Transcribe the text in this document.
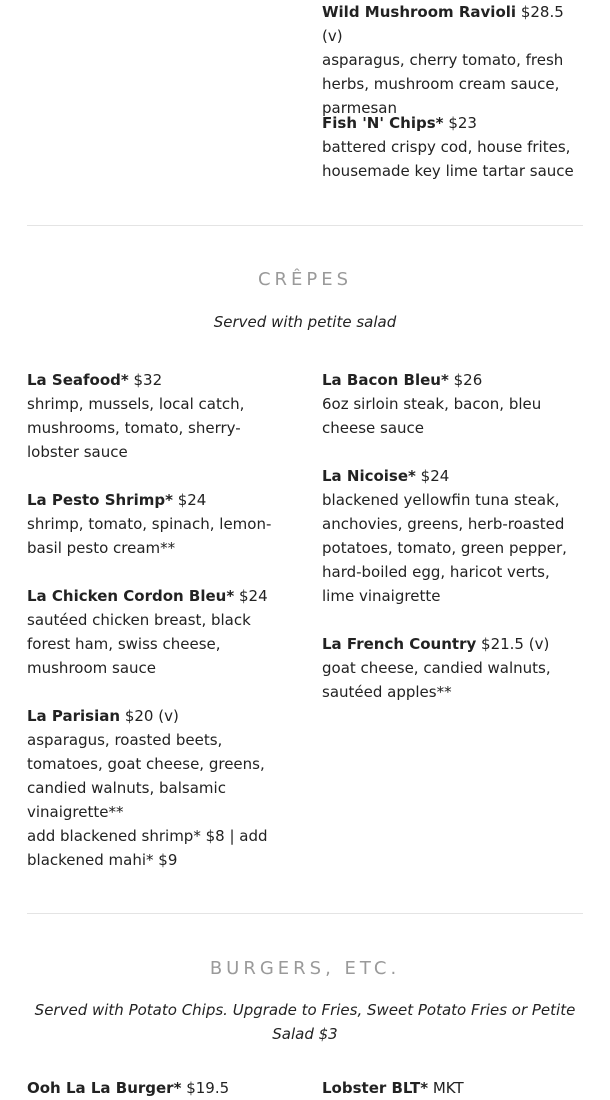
Wild Mushroom Ravioli $28.5 (v)
asparagus, cherry tomato, fresh herbs, mushroom cream sauce, parmesan
Fish 'N' Chips* $23
battered crispy cod, house frites, housemade key lime tartar sauce
CRÊPES
Served with petite salad
La Seafood* $32
shrimp, mussels, local catch, mushrooms, tomato, sherry-lobster sauce
La Pesto Shrimp* $24
shrimp, tomato, spinach, lemon-basil pesto cream**
La Chicken Cordon Bleu* $24
sautéed chicken breast, black forest ham, swiss cheese, mushroom sauce
La Parisian $20 (v)
asparagus, roasted beets, tomatoes, goat cheese, greens, candied walnuts, balsamic vinaigrette**
add blackened shrimp* $8 | add blackened mahi* $9
La Bacon Bleu* $26
6oz sirloin steak, bacon, bleu cheese sauce
La Nicoise* $24
blackened yellowfin tuna steak, anchovies, greens, herb-roasted potatoes, tomato, green pepper, hard-boiled egg, haricot verts, lime vinaigrette
La French Country $21.5 (v)
goat cheese, candied walnuts, sautéed apples**
BURGERS, ETC.
Served with Potato Chips. Upgrade to Fries, Sweet Potato Fries or Petite Salad $3
Ooh La La Burger* $19.5	Lobster BLT* MKT
